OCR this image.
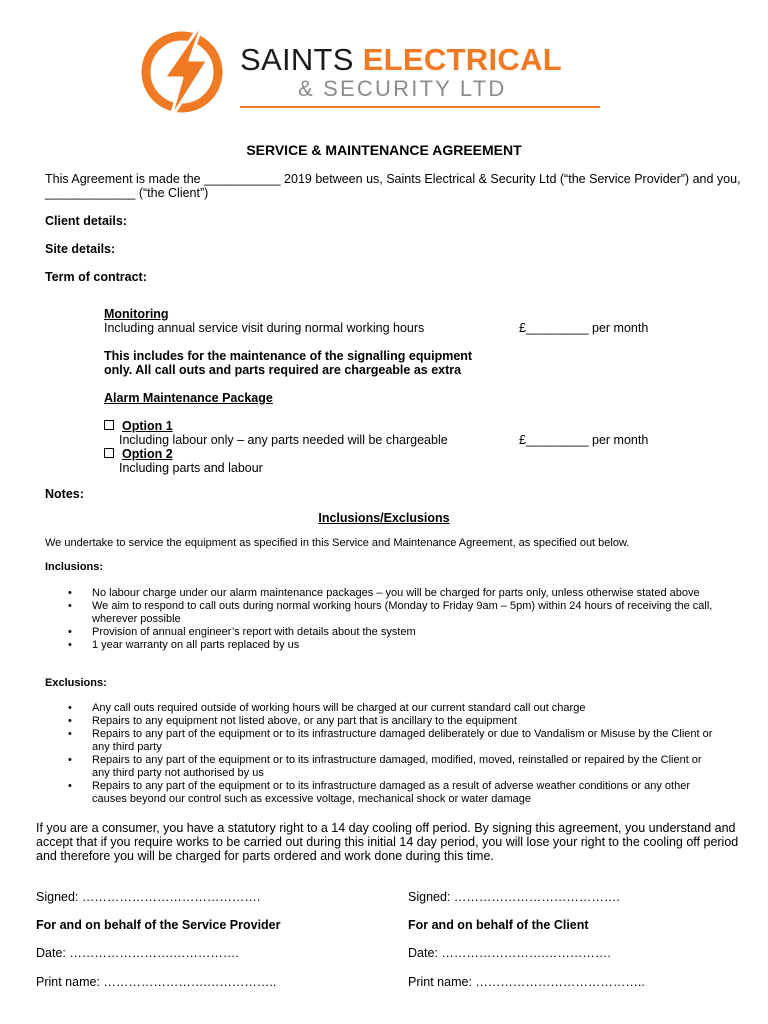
SAINTS ELECTRICAL
& SECURITY LTD
SERVICE & MAINTENANCE AGREEMENT
This Agreement is made the ___________ 2019 between us, Saints Electrical & Security Ltd (“the Service Provider”) and you, _____________ (“the Client”)
Client details:
Site details:
Term of contract:
Monitoring
Including annual service visit during normal working hours	£_________ per month
This includes for the maintenance of the signalling equipment
only. All call outs and parts required are chargeable as extra
Alarm Maintenance Package
Option 1
Including labour only – any parts needed will be chargeable	£_________ per month
Option 2
Including parts and labour
Notes:
Inclusions/Exclusions
We undertake to service the equipment as specified in this Service and Maintenance Agreement, as specified out below.
Inclusions:
• No labour charge under our alarm maintenance packages – you will be charged for parts only, unless otherwise stated above
• We aim to respond to call outs during normal working hours (Monday to Friday 9am – 5pm) within 24 hours of receiving the call, wherever possible
• Provision of annual engineer’s report with details about the system
• 1 year warranty on all parts replaced by us
Exclusions:
• Any call outs required outside of working hours will be charged at our current standard call out charge
• Repairs to any equipment not listed above, or any part that is ancillary to the equipment
• Repairs to any part of the equipment or to its infrastructure damaged deliberately or due to Vandalism or Misuse by the Client or any third party
• Repairs to any part of the equipment or to its infrastructure damaged, modified, moved, reinstalled or repaired by the Client or any third party not authorised by us
• Repairs to any part of the equipment or to its infrastructure damaged as a result of adverse weather conditions or any other causes beyond our control such as excessive voltage, mechanical shock or water damage
If you are a consumer, you have a statutory right to a 14 day cooling off period. By signing this agreement, you understand and accept that if you require works to be carried out during this initial 14 day period, you will lose your right to the cooling off period and therefore you will be charged for parts ordered and work done during this time.
Signed: …………………………………….
For and on behalf of the Service Provider
Date: …………………….…………….
Print name: …………………….……………..
Signed: ………………………………….
For and on behalf of the Client
Date: …………………….…………….
Print name: …………………………………..
